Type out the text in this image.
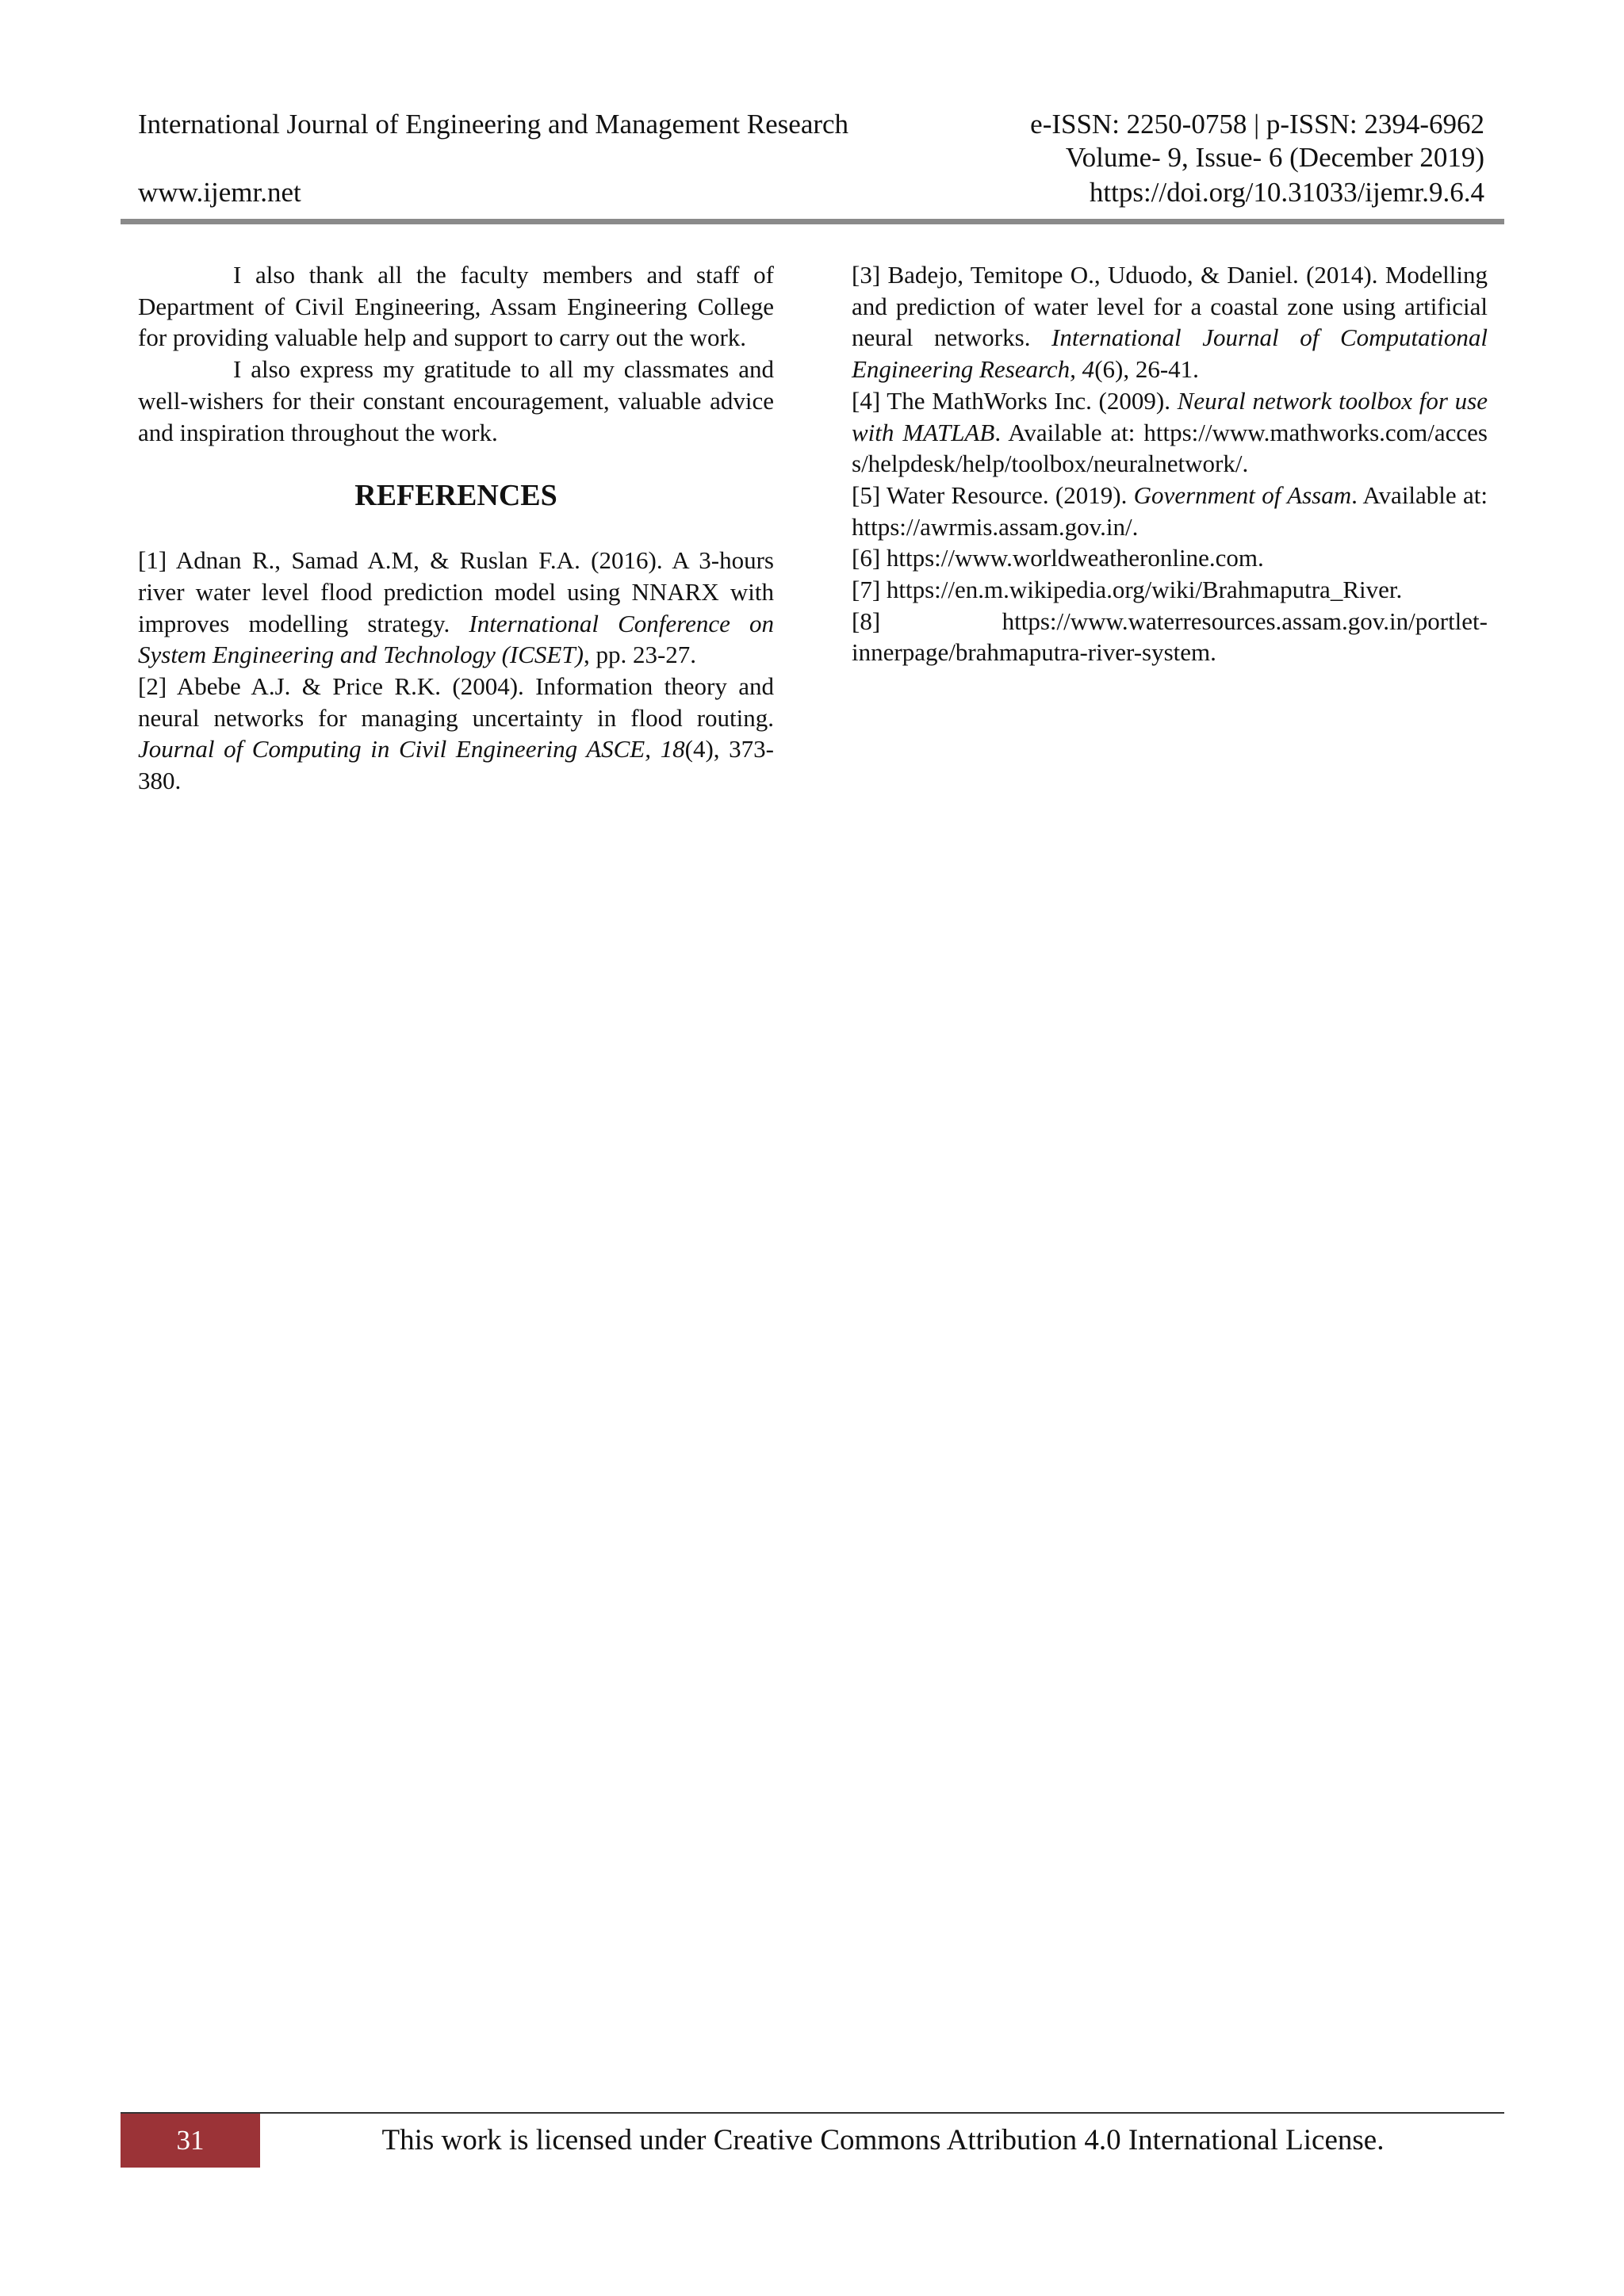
International Journal of Engineering and Management Research	e-ISSN: 2250-0758 | p-ISSN: 2394-6962
Volume- 9, Issue- 6 (December 2019)
www.ijemr.net	https://doi.org/10.31033/ijemr.9.6.4

I also thank all the faculty members and staff of Department of Civil Engineering, Assam Engineering College for providing valuable help and support to carry out the work.

I also express my gratitude to all my classmates and well-wishers for their constant encouragement, valuable advice and inspiration throughout the work.

REFERENCES
[1] Adnan R., Samad A.M, & Ruslan F.A. (2016). A 3-hours river water level flood prediction model using NNARX with improves modelling strategy. International Conference on System Engineering and Technology (ICSET), pp. 23-27.
[2] Abebe A.J. & Price R.K. (2004). Information theory and neural networks for managing uncertainty in flood routing. Journal of Computing in Civil Engineering ASCE, 18(4), 373-380.
[3] Badejo, Temitope O., Uduodo, & Daniel. (2014). Modelling and prediction of water level for a coastal zone using artificial neural networks. International Journal of Computational Engineering Research, 4(6), 26-41.
[4] The MathWorks Inc. (2009). Neural network toolbox for use with MATLAB. Available at: https://www.mathworks.com/access/helpdesk/help/toolbox/neuralnetwork/.
[5] Water Resource. (2019). Government of Assam. Available at: https://awrmis.assam.gov.in/.
[6] https://www.worldweatheronline.com.
[7] https://en.m.wikipedia.org/wiki/Brahmaputra_River.
[8] https://www.waterresources.assam.gov.in/portlet-innerpage/brahmaputra-river-system.
31	This work is licensed under Creative Commons Attribution 4.0 International License.
